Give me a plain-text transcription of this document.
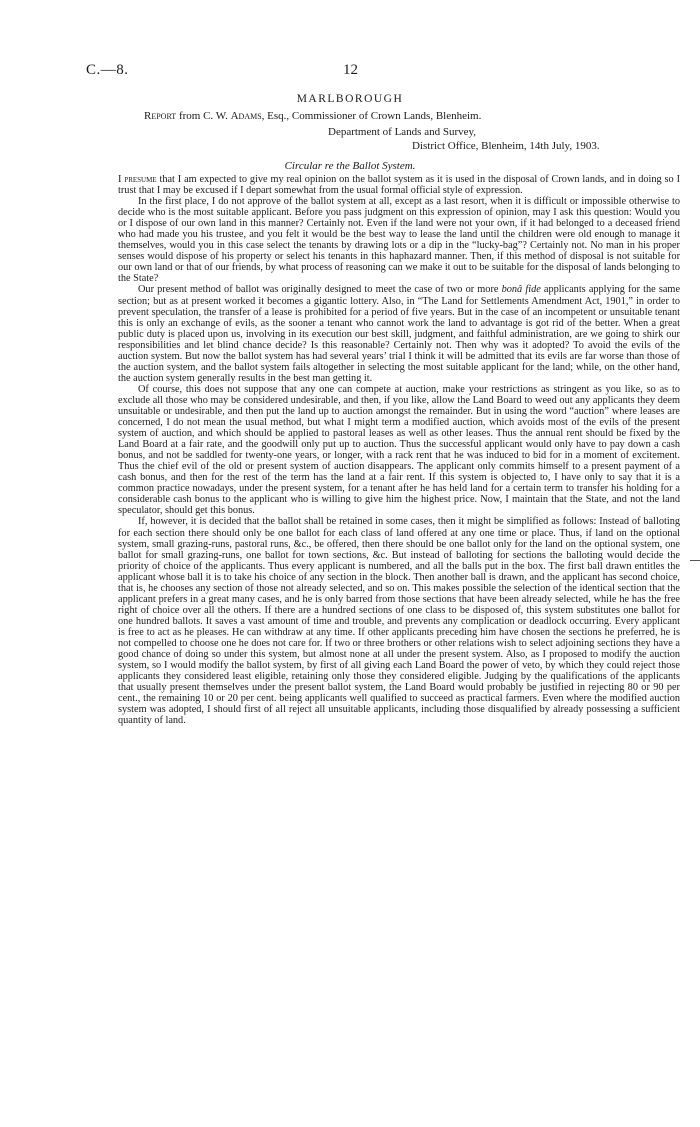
C.—8.	12
MARLBOROUGH
Report from C. W. Adams, Esq., Commissioner of Crown Lands, Blenheim.
Department of Lands and Survey,
District Office, Blenheim, 14th July, 1903.
Circular re the Ballot System.

I presume that I am expected to give my real opinion on the ballot system as it is used in the disposal of Crown lands, and in doing so I trust that I may be excused if I depart somewhat from the usual formal official style of expression.

In the first place, I do not approve of the ballot system at all, except as a last resort, when it is difficult or impossible otherwise to decide who is the most suitable applicant. Before you pass judgment on this expression of opinion, may I ask this question: Would you or I dispose of our own land in this manner? Certainly not. Even if the land were not your own, if it had belonged to a deceased friend who had made you his trustee, and you felt it would be the best way to lease the land until the children were old enough to manage it themselves, would you in this case select the tenants by drawing lots or a dip in the “lucky-bag”? Certainly not. No man in his proper senses would dispose of his property or select his tenants in this haphazard manner. Then, if this method of disposal is not suitable for our own land or that of our friends, by what process of reasoning can we make it out to be suitable for the disposal of lands belonging to the State?

Our present method of ballot was originally designed to meet the case of two or more bonâ fide applicants applying for the same section; but as at present worked it becomes a gigantic lottery. Also, in “The Land for Settlements Amendment Act, 1901,” in order to prevent speculation, the transfer of a lease is prohibited for a period of five years. But in the case of an incompetent or unsuitable tenant this is only an exchange of evils, as the sooner a tenant who cannot work the land to advantage is got rid of the better. When a great public duty is placed upon us, involving in its execution our best skill, judgment, and faithful administration, are we going to shirk our responsibilities and let blind chance decide? Is this reasonable? Certainly not. Then why was it adopted? To avoid the evils of the auction system. But now the ballot system has had several years’ trial I think it will be admitted that its evils are far worse than those of the auction system, and the ballot system fails altogether in selecting the most suitable applicant for the land; while, on the other hand, the auction system generally results in the best man getting it.

Of course, this does not suppose that any one can compete at auction, make your restrictions as stringent as you like, so as to exclude all those who may be considered undesirable, and then, if you like, allow the Land Board to weed out any applicants they deem unsuitable or undesirable, and then put the land up to auction amongst the remainder. But in using the word “auction” where leases are concerned, I do not mean the usual method, but what I might term a modified auction, which avoids most of the evils of the present system of auction, and which should be applied to pastoral leases as well as other leases. Thus the annual rent should be fixed by the Land Board at a fair rate, and the goodwill only put up to auction. Thus the successful applicant would only have to pay down a cash bonus, and not be saddled for twenty-one years, or longer, with a rack rent that he was induced to bid for in a moment of excitement. Thus the chief evil of the old or present system of auction disappears. The applicant only commits himself to a present payment of a cash bonus, and then for the rest of the term has the land at a fair rent. If this system is objected to, I have only to say that it is a common practice nowadays, under the present system, for a tenant after he has held land for a certain term to transfer his holding for a considerable cash bonus to the applicant who is willing to give him the highest price. Now, I maintain that the State, and not the land speculator, should get this bonus.

If, however, it is decided that the ballot shall be retained in some cases, then it might be simplified as follows: Instead of balloting for each section there should only be one ballot for each class of land offered at any one time or place. Thus, if land on the optional system, small grazing-runs, pastoral runs, &c., be offered, then there should be one ballot only for the land on the optional system, one ballot for small grazing-runs, one ballot for town sections, &c. But instead of balloting for sections the balloting would decide the priority of choice of the applicants. Thus every applicant is numbered, and all the balls put in the box. The first ball drawn entitles the applicant whose ball it is to take his choice of any section in the block. Then another ball is drawn, and the applicant has second choice, that is, he chooses any section of those not already selected, and so on. This makes possible the selection of the identical section that the applicant prefers in a great many cases, and he is only barred from those sections that have been already selected, while he has the free right of choice over all the others. If there are a hundred sections of one class to be disposed of, this system substitutes one ballot for one hundred ballots. It saves a vast amount of time and trouble, and prevents any complication or deadlock occurring. Every applicant is free to act as he pleases. He can withdraw at any time. If other applicants preceding him have chosen the sections he preferred, he is not compelled to choose one he does not care for. If two or three brothers or other relations wish to select adjoining sections they have a good chance of doing so under this system, but almost none at all under the present system. Also, as I proposed to modify the auction system, so I would modify the ballot system, by first of all giving each Land Board the power of veto, by which they could reject those applicants they considered least eligible, retaining only those they considered eligible. Judging by the qualifications of the applicants that usually present themselves under the present ballot system, the Land Board would probably be justified in rejecting 80 or 90 per cent., the remaining 10 or 20 per cent. being applicants well qualified to succeed as practical farmers. Even where the modified auction system was adopted, I should first of all reject all unsuitable applicants, including those disqualified by already possessing a sufficient quantity of land.
